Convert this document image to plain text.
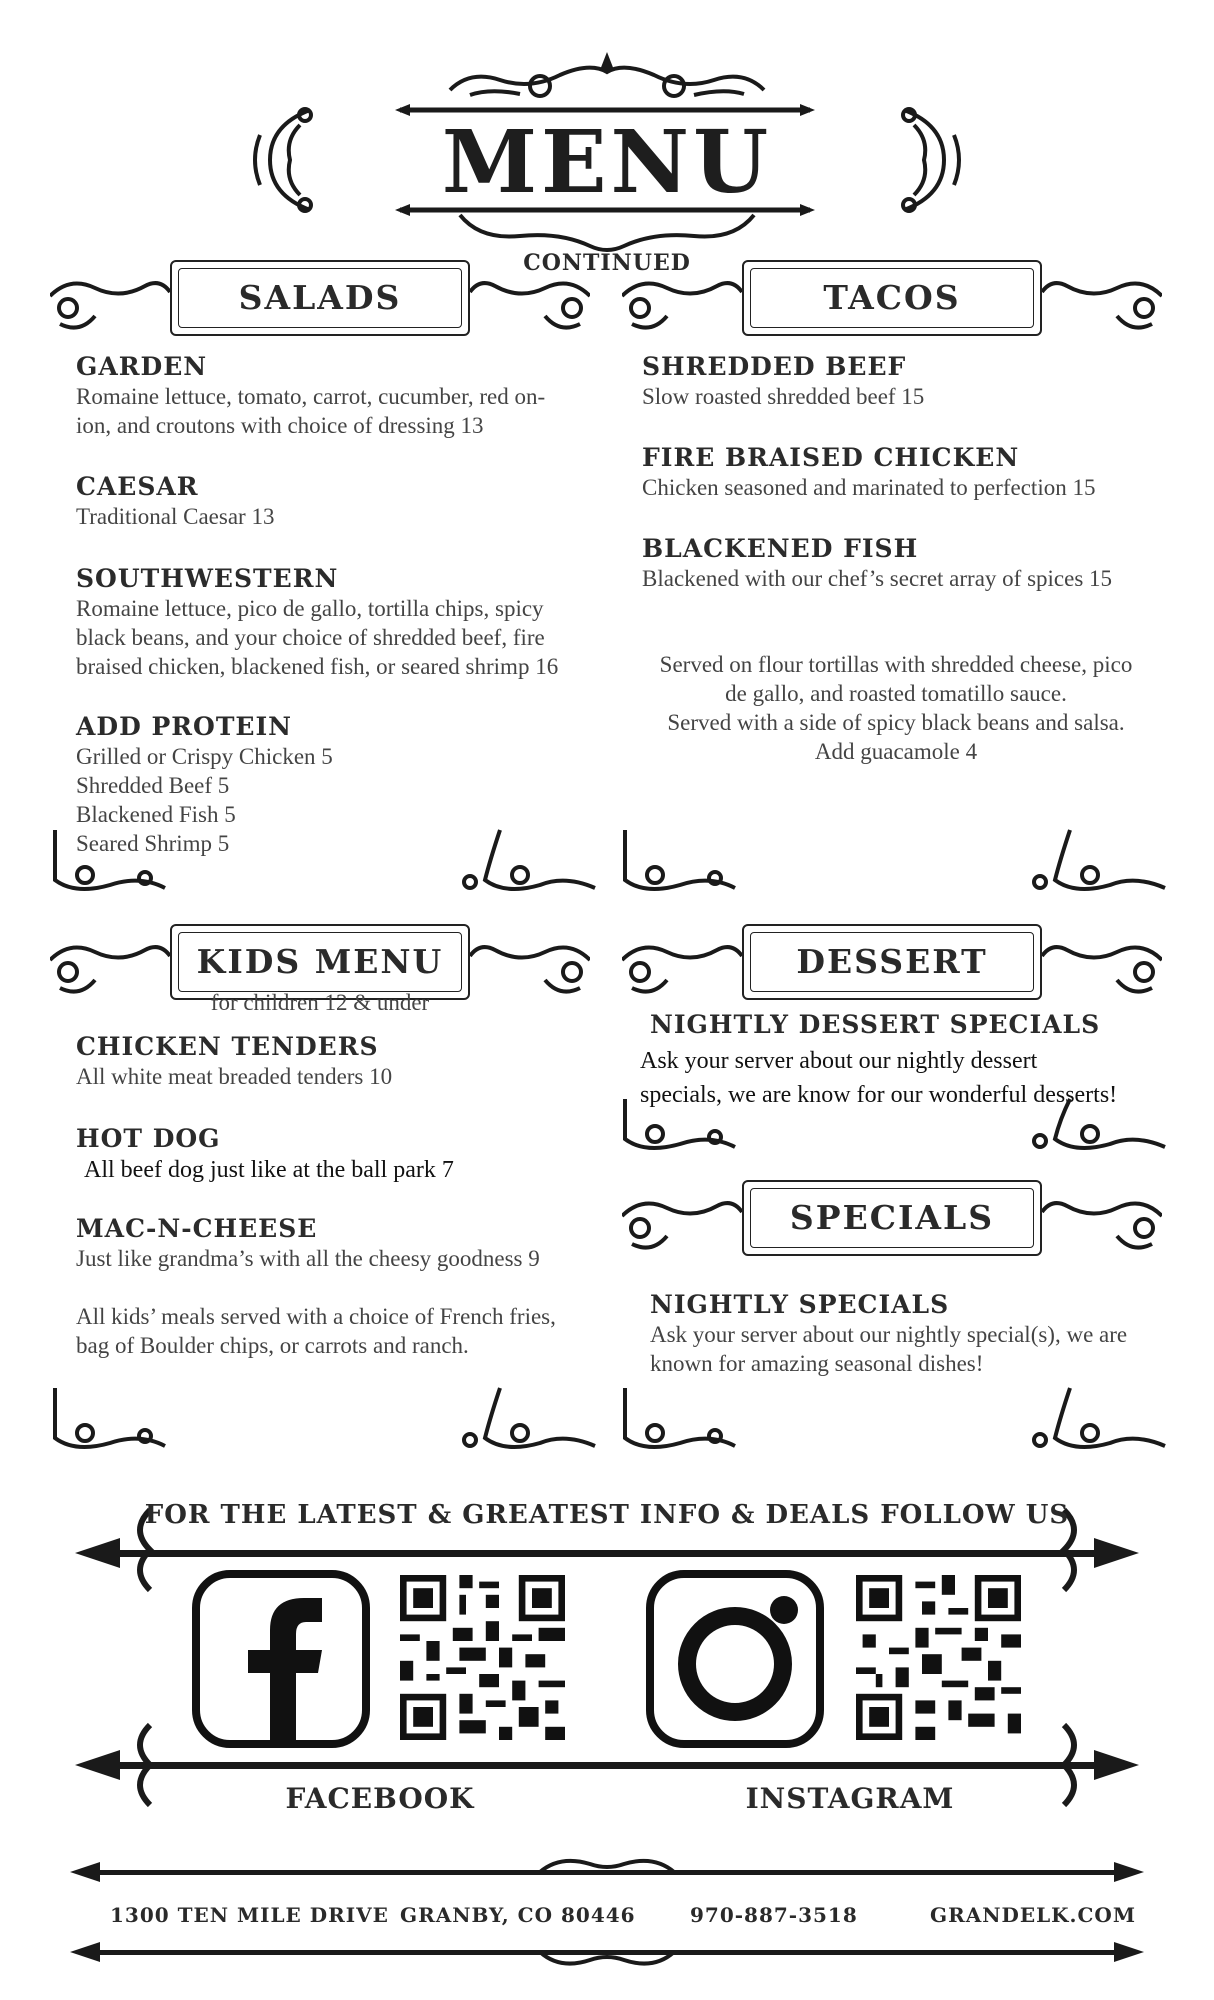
MENU
CONTINUED
SALADS
GARDEN
Romaine lettuce, tomato, carrot, cucumber, red on-
ion, and croutons with choice of dressing 13
CAESAR
Traditional Caesar 13
SOUTHWESTERN
Romaine lettuce, pico de gallo, tortilla chips, spicy
black beans, and your choice of shredded beef, fire
braised chicken, blackened fish, or seared shrimp 16
ADD PROTEIN
Grilled or Crispy Chicken 5
Shredded Beef 5
Blackened Fish 5
Seared Shrimp 5
TACOS
SHREDDED BEEF
Slow roasted shredded beef 15
FIRE BRAISED CHICKEN
Chicken seasoned and marinated to perfection 15
BLACKENED FISH
Blackened with our chef’s secret array of spices 15
Served on flour tortillas with shredded cheese, pico
de gallo, and roasted tomatillo sauce.
Served with a side of spicy black beans and salsa.
Add guacamole 4
KIDS MENU
for children 12 & under
CHICKEN TENDERS
All white meat breaded tenders 10
HOT DOG
All beef dog just like at the ball park 7
MAC-N-CHEESE
Just like grandma’s with all the cheesy goodness 9
All kids’ meals served with a choice of French fries,
bag of Boulder chips, or carrots and ranch.
DESSERT
NIGHTLY DESSERT SPECIALS
Ask your server about our nightly dessert
specials, we are know for our wonderful desserts!
SPECIALS
NIGHTLY SPECIALS
Ask your server about our nightly special(s), we are
known for amazing seasonal dishes!
FOR THE LATEST & GREATEST INFO & DEALS FOLLOW US
FACEBOOK	INSTAGRAM
1300 TEN MILE DRIVE GRANBY, CO 80446	970-887-3518	GRANDELK.COM
